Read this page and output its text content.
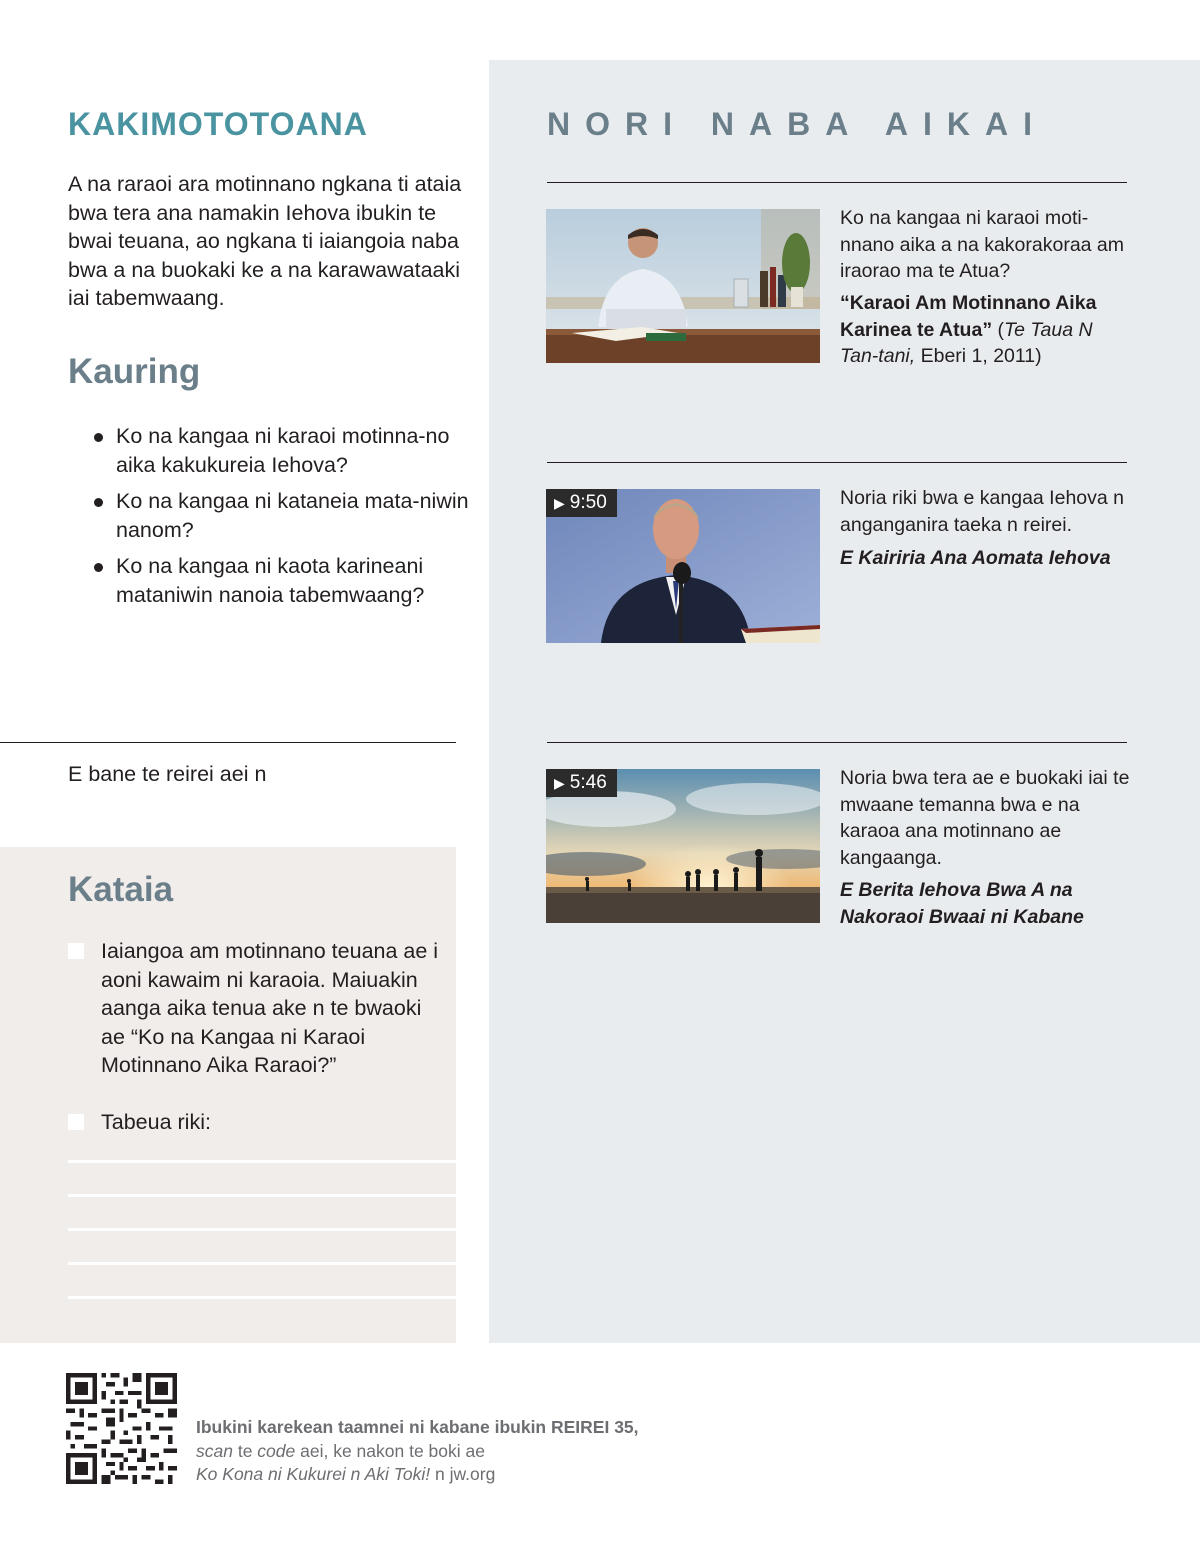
KAKIMOTOTOANA

A na raraoi ara motinnano ngkana ti ataia bwa tera ana namakin Iehova ibukin te bwai teuana, ao ngkana ti iaiangoia naba bwa a na buokaki ke a na karawawataaki iai tabemwaang.

Kauring
Ko na kangaa ni karaoi motinna-no aika kakukureia Iehova?
Ko na kangaa ni kataneia mata-niwin nanom?
Ko na kangaa ni kaota karineani mataniwin nanoia tabemwaang?

E bane te reirei aei n

Kataia

Iaiangoa am motinnano teuana ae i aoni kawaim ni karaoia. Maiuakin aanga aika tenua ake n te bwaoki ae “Ko na Kangaa ni Karaoi Motinnano Aika Raraoi?”

Tabeua riki:

NORI NABA AIKAI

Ko na kangaa ni karaoi moti-nnano aika a na kakorakoraa am iraorao ma te Atua?

“Karaoi Am Motinnano Aika Karinea te Atua” (Te Taua N Tan-tani, Eberi 1, 2011)

▶ 9:50	Noria riki bwa e kangaa Iehova n anganganira taeka n reirei.

E Kairiria Ana Aomata Iehova

▶ 5:46	Noria bwa tera ae e buokaki iai te mwaane temanna bwa e na karaoa ana motinnano ae kangaanga.

E Berita Iehova Bwa A na Nakoraoi Bwaai ni Kabane

Ibukini karekean taamnei ni kabane ibukin REIREI 35,
scan te code aei, ke nakon te boki ae
Ko Kona ni Kukurei n Aki Toki! n jw.org
